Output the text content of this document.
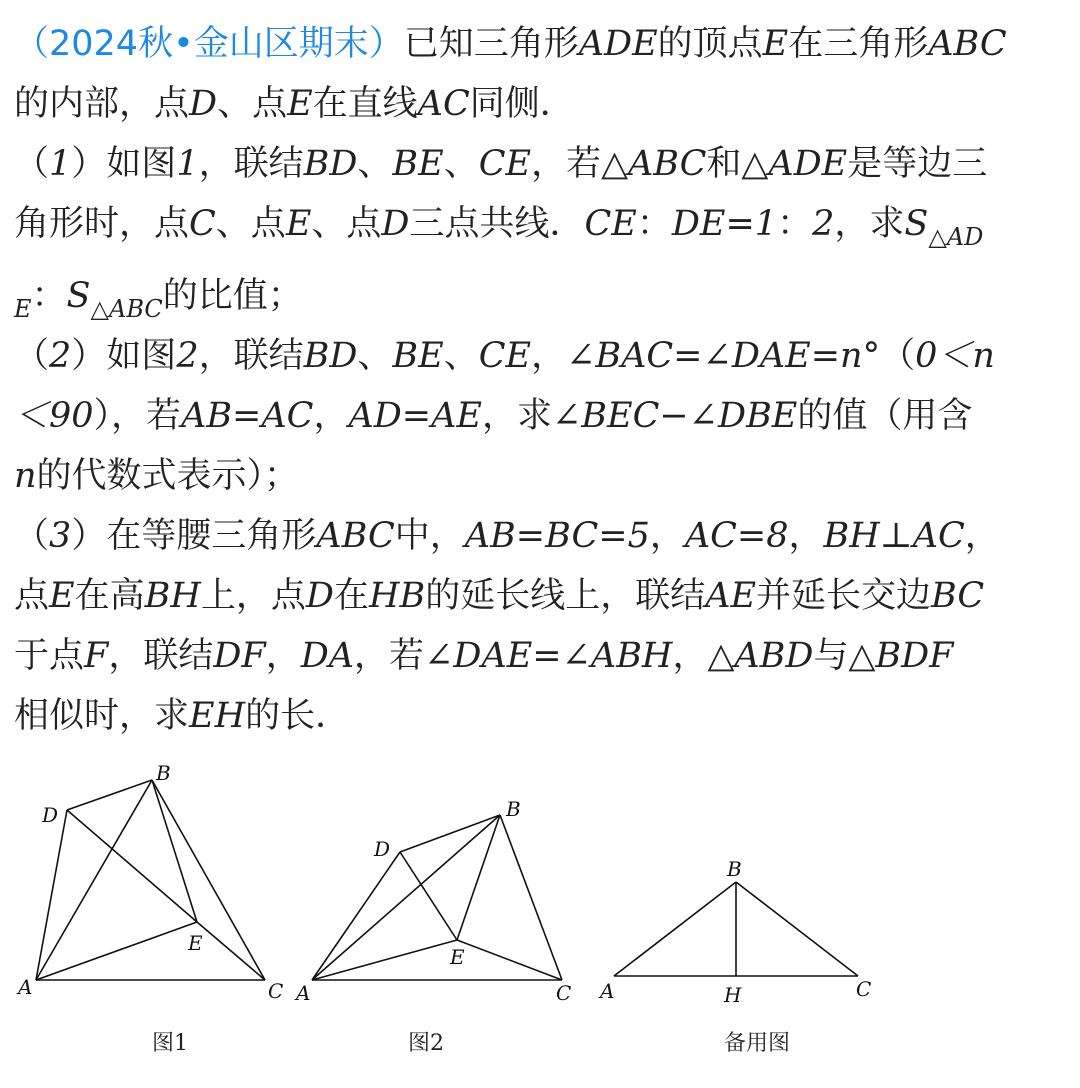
（2024秋•金山区期末）已知三角形ADE的顶点E在三角形ABC
的内部，点D、点E在直线AC同侧．
（1）如图1，联结BD、BE、CE，若△ABC和△ADE是等边三
角形时，点C、点E、点D三点共线．CE：DE=1：2，求$S_{\triangle AD}$
$_E$：$S_{\triangle ABC}$的比值；
（2）如图2，联结BD、BE、CE，∠BAC=∠DAE=n°（0＜n
＜90），若AB=AC，AD=AE，求∠BEC−∠DBE的值（用含
n的代数式表示）；
（3）在等腰三角形ABC中，AB=BC=5，AC=8，BH⊥AC，
点E在高BH上，点D在HB的延长线上，联结AE并延长交边BC
于点F，联结DF，DA，若∠DAE=∠ABH，△ABD与△BDF
相似时，求EH的长．
A
B
C
D
E
图1
A
B
C
D
E
图2
A
B
C
H
备用图
